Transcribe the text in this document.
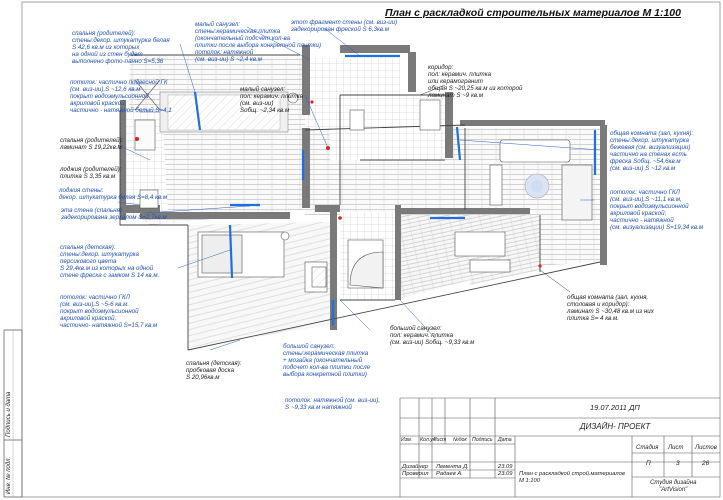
План с раскладкой строительных материалов М 1:100
спальня (родителей):
стены:декор. штукатурка белая
S 42,6 кв.м из которых
на одной из стен будет
выполнено фото-панно S=5,36
потолок: частично подвесной ГК
(см. виз-ии),S ~12,6 кв.м
покрыт водоэмульсионной
акриловой краской,
частично - натяжной белый S=4,1
спальня (родителей):
ламинат S 19,22кв.м
лоджия (родителей):
плитка S 3,35 кв.м
лоджия стены:
декор. штукатурка белая S=8,4 кв.м
эта стена (спальня)
задекорирована зеркалом S=2,7кв.м
малый санузел:
стены:керамическая плитка
(окончательный подсчет кол-ва
плитки после выбора конкретной плитки)
потолок: натяжной
(см. виз-ии) S ~2,4 кв.м
этот фрагмент стены (см. виз-ии)
задекорирован фреской S 6,3кв.м
малый санузел:
пол: керамич. плитка
(см. виз-ии)
Sобщ. ~2,34 кв.м
коридор:
пол: керамич. плитка
или керамогранит
общая S ~20,25 кв.м из которой
ламинат S ~9 кв.м
общая комната (зал, кухня):
стены:декор. штукатурка
бежевая (см. визуализации)
частично на стенах есть
фреска Sобщ. ~54,6кв.м
(см. виз-ии) S ~12 кв.м
потолок: частично ГКЛ
(см. виз-ии),S ~11,1 кв.м,
покрыт водоэмульсионной
акриловой краской;
частично - натяжной
(см. визуализации) S=19,34 кв.м
спальня (детская):
стены:декор. штукатурка
персикового цвета
S 29,4кв.м из которых на одной
стене фреска с замком S 14 кв.м.
потолок: частично ГКЛ
(см. виз-ии),S ~5-6 кв.м.
покрыт водоэмульсионной
акриловой краской,
частично- натяжной S=15,7 кв.м
общая комната (зал, кухня,
столовая и коридор):
ламинат S ~30,48 кв.м из них
плитка S= 4 кв.м.
большой санузел:
пол: керамич. плитка
(см. виз-ии) Sобщ. ~9,33 кв.м
большой санузел:
стены:керамическая плитка
+ мозайка (окончательный
подсчет кол-ва плитки после
выбора конкретной плитки)
потолок: натяжной (см. виз-ии),
S ~9,33 кв.м натяжной
спальня (детская):
пробковая доска
S 20,96кв.м
Инв. № подл.
Подпись и дата	19.07.2011 ДП
ДИЗАЙН- ПРОЕКТ
Изм. Кол.уч
Лист №док Подпись Дата
Дизайнер Лемента Д.	23.09
Проверил Радаев А.	23.09 План с раскладкой строй.материалов
М 1:100
Стадия Лист Листов
П	3	26
Студия дизайна
"ArtVision"
